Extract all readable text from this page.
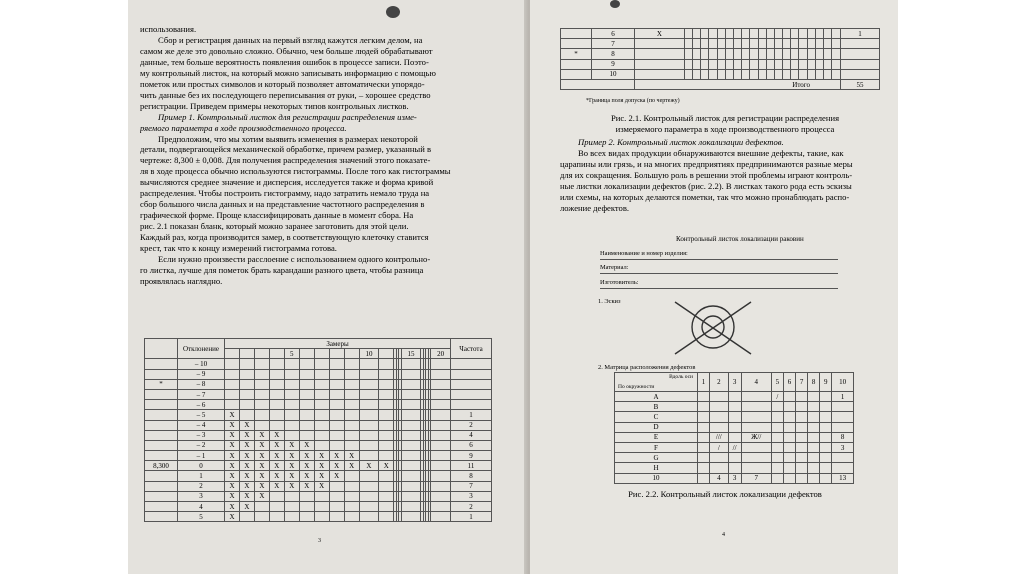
использования.
Сбор и регистрация данных на первый взгляд кажутся легким делом, на
самом же деле это довольно сложно. Обычно, чем больше людей обрабатывают
данные, тем больше вероятность появления ошибок в процессе записи. Поэто-
му контрольный листок, на который можно записывать информацию с помощью
пометок или простых символов и который позволяет автоматически упорядо-
чить данные без их последующего переписывания от руки, – хорошее средство
регистрации. Приведем примеры некоторых типов контрольных листков.
Пример 1. Контрольный листок для регистрации распределения изме-
ряемого параметра в ходе производственного процесса.
Предположим, что мы хотим выявить изменения в размерах некоторой
детали, подвергающейся механической обработке, причем размер, указанный в
чертеже: 8,300 ± 0,008. Для получения распределения значений этого показате-
ля в ходе процесса обычно используются гистограммы. После того как гистограммы
вычисляются среднее значение и дисперсия, исследуется также и форма кривой
распределения. Чтобы построить гистограмму, надо затратить немало труда на
сбор большого числа данных и на представление частотного распределения в
графической форме. Проще классифицировать данные в момент сбора. На
рис. 2.1 показан бланк, который можно заранее заготовить для этой цели.
Каждый раз, когда производится замер, в соответствующую клеточку ставится
крест, так что к концу измерений гистограмма готова.
Если нужно произвести расслоение с использованием одного контрольно-
го листка, лучше для пометок брать карандаши разного цвета, чтобы разница
проявлялась наглядно.
	Отклонение	Замеры																				Частота
						5					10					15					20	
	– 10																					
	– 9																					
*	– 8																					
	– 7																					
	– 6																					
	– 5	X																				1
	– 4	X	X																			2
	– 3	X	X	X	X																	4
	– 2	X	X	X	X	X	X															6
	– 1	X	X	X	X	X	X	X	X	X												9
8,300	0	X	X	X	X	X	X	X	X	X	X	X										11
	1	X	X	X	X	X	X	X	X													8
	2	X	X	X	X	X	X	X														7
	3	X	X	X																		3
	4	X	X																			2
	5	X																				1
3
	6	X																				1
	7																					
*	8																					
	9																					
	10																					
		Итого																				55
*Граница поля допуска (по чертежу)
Рис. 2.1. Контрольный листок для регистрации распределения
измеряемого параметра в ходе производственного процесса
Пример 2. Контрольный листок локализации дефектов.
Во всех видах продукции обнаруживаются внешние дефекты, такие, как
царапины или грязь, и на многих предприятиях предпринимаются разные меры
для их сокращения. Большую роль в решении этой проблемы играют контроль-
ные листки локализации дефектов (рис. 2.2). В листках такого рода есть эскизы
или схемы, на которых делаются пометки, так что можно пронаблюдать распо-
ложение дефектов.
Контрольный листок локализации раковин
Наименование и номер изделия:
Материал:
Изготовитель:
1. Эскиз
2. Матрица расположения дефектов
Вдоль оси
По окружности	1	2	3	4	5	6	7	8	9	10
A					/					1
B										
C										
D										
E		///		Ж//						8
F		/	//							3
G										
H										
10		4	3	7						13
Рис. 2.2. Контрольный листок локализации дефектов
4
